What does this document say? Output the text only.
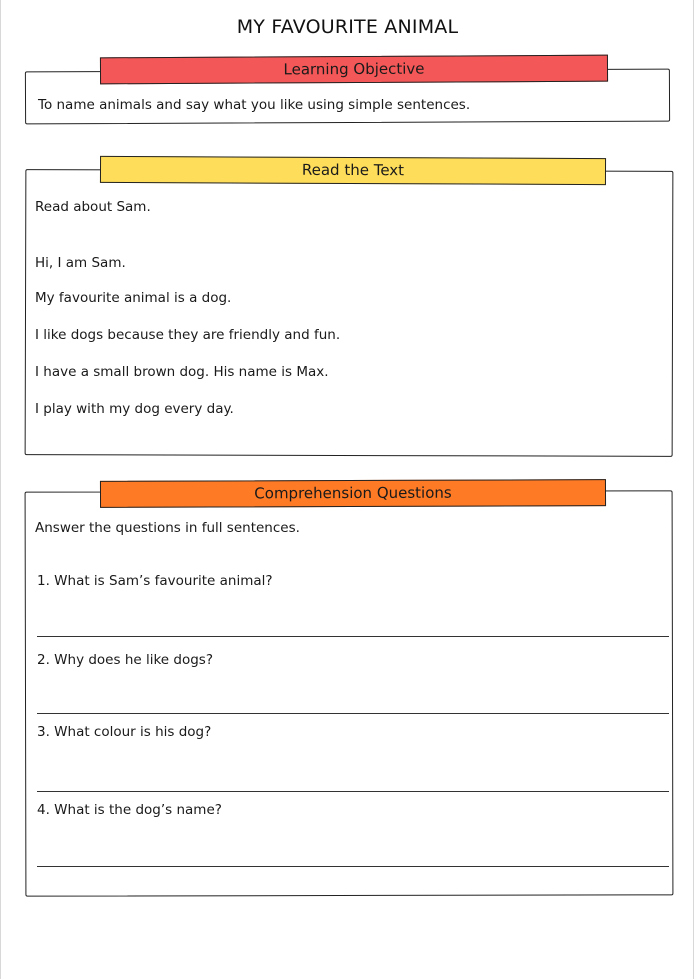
MY FAVOURITE ANIMAL
Learning Objective
To name animals and say what you like using simple sentences.
Read the Text
Read about Sam.
Hi, I am Sam.
My favourite animal is a dog.
I like dogs because they are friendly and fun.
I have a small brown dog. His name is Max.
I play with my dog every day.
Comprehension Questions
Answer the questions in full sentences.
1. What is Sam’s favourite animal?
2. Why does he like dogs?
3. What colour is his dog?
4. What is the dog’s name?
